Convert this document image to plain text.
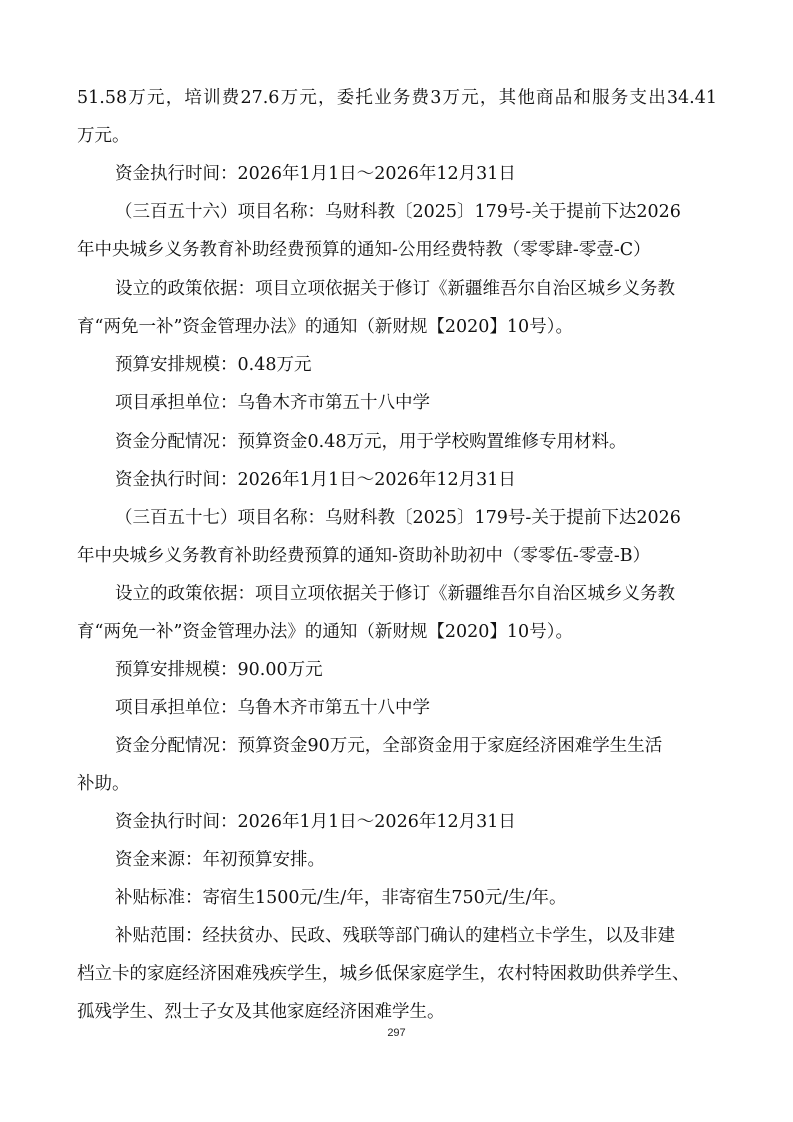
51.58万元，培训费27.6万元，委托业务费3万元，其他商品和服务支出34.41
万元。
资金执行时间：2026年1月1日～2026年12月31日
（三百五十六）项目名称：乌财科教〔2025〕179号-关于提前下达2026
年中央城乡义务教育补助经费预算的通知-公用经费特教（零零肆-零壹-C）
设立的政策依据：项目立项依据关于修订《新疆维吾尔自治区城乡义务教
育“两免一补”资金管理办法》的通知（新财规【2020】10号）。
预算安排规模：0.48万元
项目承担单位：乌鲁木齐市第五十八中学
资金分配情况：预算资金0.48万元，用于学校购置维修专用材料。
资金执行时间：2026年1月1日～2026年12月31日
（三百五十七）项目名称：乌财科教〔2025〕179号-关于提前下达2026
年中央城乡义务教育补助经费预算的通知-资助补助初中（零零伍-零壹-B）
设立的政策依据：项目立项依据关于修订《新疆维吾尔自治区城乡义务教
育“两免一补”资金管理办法》的通知（新财规【2020】10号）。
预算安排规模：90.00万元
项目承担单位：乌鲁木齐市第五十八中学
资金分配情况：预算资金90万元，全部资金用于家庭经济困难学生生活
补助。
资金执行时间：2026年1月1日～2026年12月31日
资金来源：年初预算安排。
补贴标准：寄宿生1500元/生/年，非寄宿生750元/生/年。
补贴范围：经扶贫办、民政、残联等部门确认的建档立卡学生，以及非建
档立卡的家庭经济困难残疾学生，城乡低保家庭学生，农村特困救助供养学生、
孤残学生、烈士子女及其他家庭经济困难学生。
297
